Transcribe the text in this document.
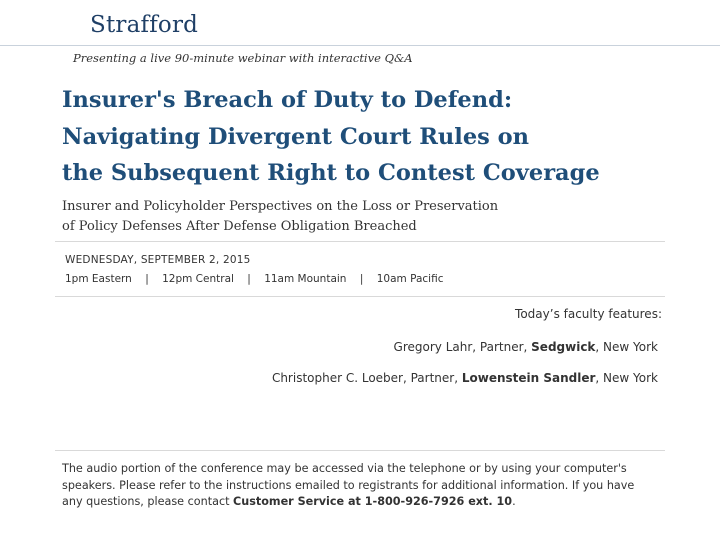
Strafford
Presenting a live 90-minute webinar with interactive Q&A
Insurer's Breach of Duty to Defend:
Navigating Divergent Court Rules on
the Subsequent Right to Contest Coverage
Insurer and Policyholder Perspectives on the Loss or Preservation
of Policy Defenses After Defense Obligation Breached
WEDNESDAY, SEPTEMBER 2, 2015
1pm Eastern | 12pm Central | 11am Mountain | 10am Pacific
Today’s faculty features:
Gregory Lahr, Partner, Sedgwick, New York
Christopher C. Loeber, Partner, Lowenstein Sandler, New York
The audio portion of the conference may be accessed via the telephone or by using your computer's speakers. Please refer to the instructions emailed to registrants for additional information. If you have any questions, please contact Customer Service at 1-800-926-7926 ext. 10.
